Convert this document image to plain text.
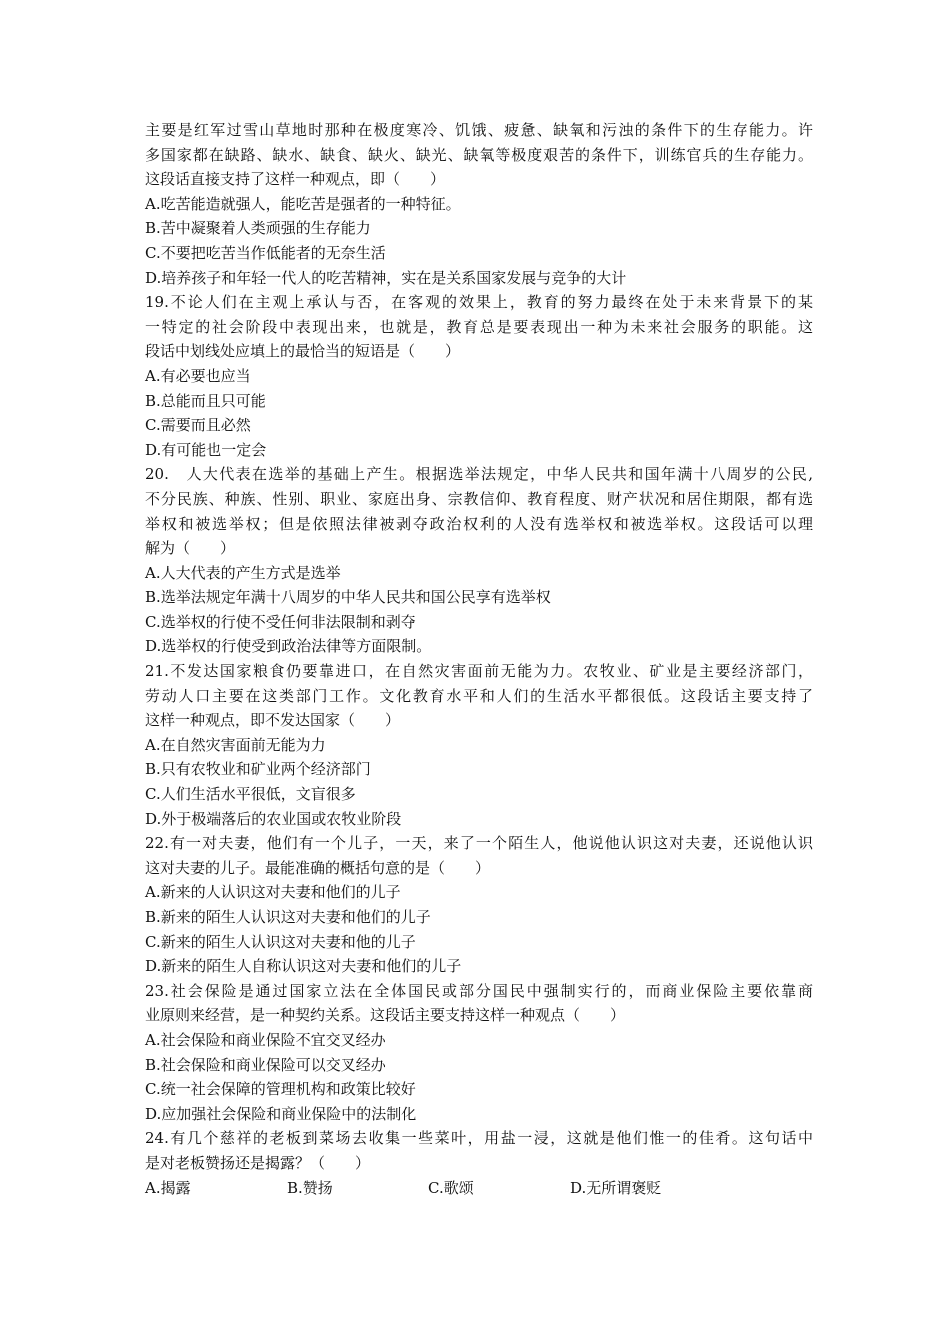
主要是红军过雪山草地时那种在极度寒冷、饥饿、疲惫、缺氧和污浊的条件下的生存能力。许
多国家都在缺路、缺水、缺食、缺火、缺光、缺氧等极度艰苦的条件下，训练官兵的生存能力。
这段话直接支持了这样一种观点，即（　　）
A.吃苦能造就强人，能吃苦是强者的一种特征。
B.苦中凝聚着人类顽强的生存能力
C.不要把吃苦当作低能者的无奈生活
D.培养孩子和年轻一代人的吃苦精神，实在是关系国家发展与竞争的大计
19.不论人们在主观上承认与否，在客观的效果上，教育的努力最终在处于未来背景下的某
一特定的社会阶段中表现出来，也就是，教育总是要表现出一种为未来社会服务的职能。这
段话中划线处应填上的最恰当的短语是（　　）
A.有必要也应当
B.总能而且只可能
C.需要而且必然
D.有可能也一定会
20.　人大代表在选举的基础上产生。根据选举法规定，中华人民共和国年满十八周岁的公民,
不分民族、种族、性别、职业、家庭出身、宗教信仰、教育程度、财产状况和居住期限，都有选
举权和被选举权；但是依照法律被剥夺政治权利的人没有选举权和被选举权。这段话可以理
解为（　　）
A.人大代表的产生方式是选举
B.选举法规定年满十八周岁的中华人民共和国公民享有选举权
C.选举权的行使不受任何非法限制和剥夺
D.选举权的行使受到政治法律等方面限制。
21.不发达国家粮食仍要靠进口，在自然灾害面前无能为力。农牧业、矿业是主要经济部门，
劳动人口主要在这类部门工作。文化教育水平和人们的生活水平都很低。这段话主要支持了
这样一种观点，即不发达国家（　　）
A.在自然灾害面前无能为力
B.只有农牧业和矿业两个经济部门
C.人们生活水平很低，文盲很多
D.外于极端落后的农业国或农牧业阶段
22.有一对夫妻，他们有一个儿子，一天，来了一个陌生人，他说他认识这对夫妻，还说他认识
这对夫妻的儿子。最能准确的概括句意的是（　　）
A.新来的人认识这对夫妻和他们的儿子
B.新来的陌生人认识这对夫妻和他们的儿子
C.新来的陌生人认识这对夫妻和他的儿子
D.新来的陌生人自称认识这对夫妻和他们的儿子
23.社会保险是通过国家立法在全体国民或部分国民中强制实行的，而商业保险主要依靠商
业原则来经营，是一种契约关系。这段话主要支持这样一种观点（　　）
A.社会保险和商业保险不宜交叉经办
B.社会保险和商业保险可以交叉经办
C.统一社会保障的管理机构和政策比较好
D.应加强社会保险和商业保险中的法制化
24.有几个慈祥的老板到菜场去收集一些菜叶，用盐一浸，这就是他们惟一的佳肴。这句话中
是对老板赞扬还是揭露？（　　）
A.揭露	B.赞扬	C.歌颂	D.无所谓褒贬
